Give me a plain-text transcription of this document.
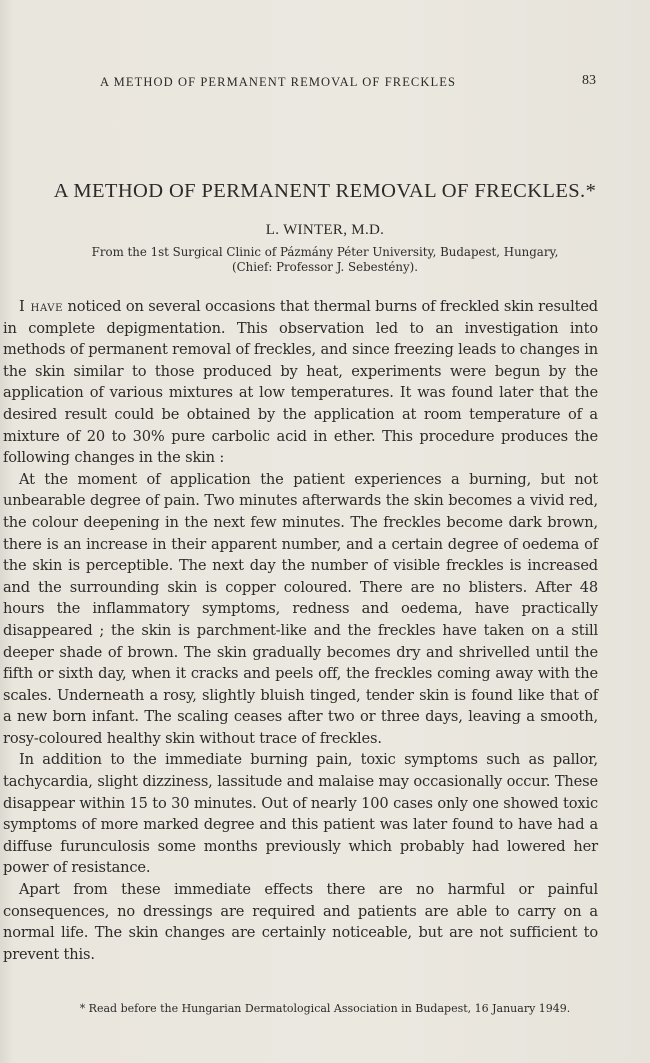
A METHOD OF PERMANENT REMOVAL OF FRECKLES	83
A METHOD OF PERMANENT REMOVAL OF FRECKLES.*
L. WINTER, M.D.
From the 1st Surgical Clinic of Pázmány Péter University, Budapest, Hungary,
(Chief: Professor J. Sebestény).

I have noticed on several occasions that thermal burns of freckled skin resulted in complete depigmentation. This observation led to an investigation into methods of permanent removal of freckles, and since freezing leads to changes in the skin similar to those produced by heat, experiments were begun by the application of various mixtures at low temperatures. It was found later that the desired result could be obtained by the application at room temperature of a mixture of 20 to 30% pure carbolic acid in ether. This procedure produces the following changes in the skin :

At the moment of application the patient experiences a burning, but not unbearable degree of pain. Two minutes afterwards the skin becomes a vivid red, the colour deepening in the next few minutes. The freckles become dark brown, there is an increase in their apparent number, and a certain degree of oedema of the skin is perceptible. The next day the number of visible freckles is increased and the surrounding skin is copper coloured. There are no blisters. After 48 hours the inflammatory symptoms, redness and oedema, have practically disappeared ; the skin is parchment-like and the freckles have taken on a still deeper shade of brown. The skin gradually becomes dry and shrivelled until the fifth or sixth day, when it cracks and peels off, the freckles coming away with the scales. Underneath a rosy, slightly bluish tinged, tender skin is found like that of a new born infant. The scaling ceases after two or three days, leaving a smooth, rosy-coloured healthy skin without trace of freckles.

In addition to the immediate burning pain, toxic symptoms such as pallor, tachycardia, slight dizziness, lassitude and malaise may occasionally occur. These disappear within 15 to 30 minutes. Out of nearly 100 cases only one showed toxic symptoms of more marked degree and this patient was later found to have had a diffuse furunculosis some months previously which probably had lowered her power of resistance.

Apart from these immediate effects there are no harmful or painful consequences, no dressings are required and patients are able to carry on a normal life. The skin changes are certainly noticeable, but are not sufficient to prevent this.

* Read before the Hungarian Dermatological Association in Budapest, 16 January 1949.
